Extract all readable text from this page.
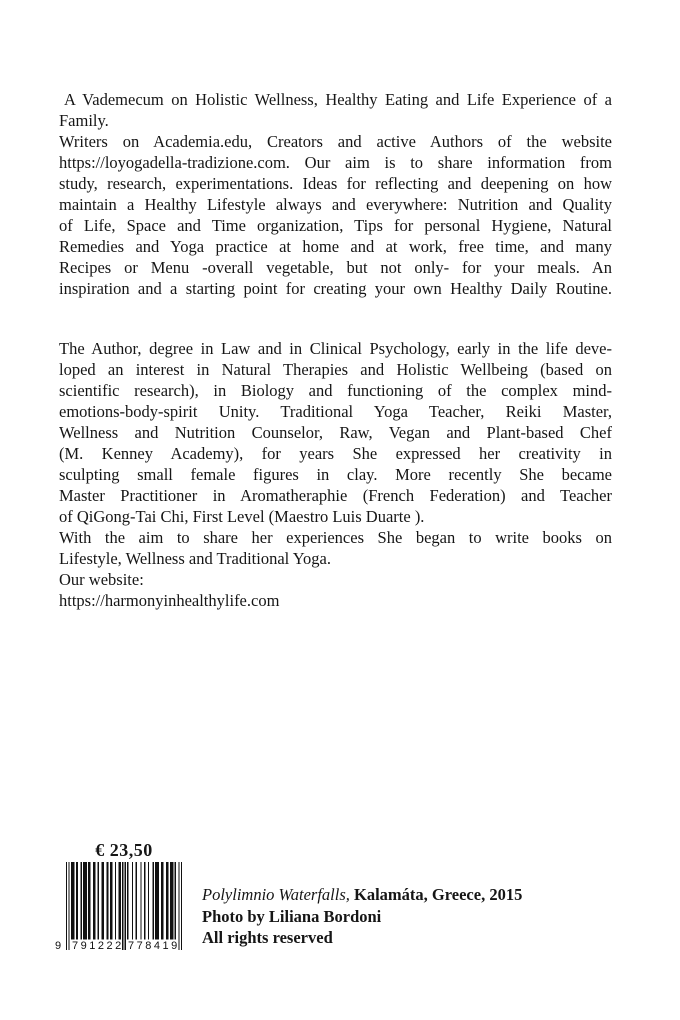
A Vademecum on Holistic Wellness, Healthy Eating and Life Experience of a
Family.
Writers on Academia.edu, Creators and active Authors of the website
https://loyogadella-tradizione.com. Our aim is to share information from
study, research, experimentations. Ideas for reflecting and deepening on how
maintain a Healthy Lifestyle always and everywhere: Nutrition and Quality
of Life, Space and Time organization, Tips for personal Hygiene, Natural
Remedies and Yoga practice at home and at work, free time, and many
Recipes or Menu -overall vegetable, but not only- for your meals. An
inspiration and a starting point for creating your own Healthy Daily Routine.
The Author, degree in Law and in Clinical Psychology, early in the life deve-
loped an interest in Natural Therapies and Holistic Wellbeing (based on
scientific research), in Biology and functioning of the complex mind-
emotions-body-spirit Unity. Traditional Yoga Teacher, Reiki Master,
Wellness and Nutrition Counselor, Raw, Vegan and Plant-based Chef
(M. Kenney Academy), for years She expressed her creativity in
sculpting small female figures in clay. More recently She became
Master Practitioner in Aromatheraphie (French Federation) and Teacher
of QiGong-Tai Chi, First Level (Maestro Luis Duarte ).
With the aim to share her experiences She began to write books on
Lifestyle, Wellness and Traditional Yoga.
Our website:
https://harmonyinhealthylife.com
€ 23,50
9 791222 778419
Polylimnio Waterfalls, Kalamáta, Greece, 2015
Photo by Liliana Bordoni
All rights reserved
